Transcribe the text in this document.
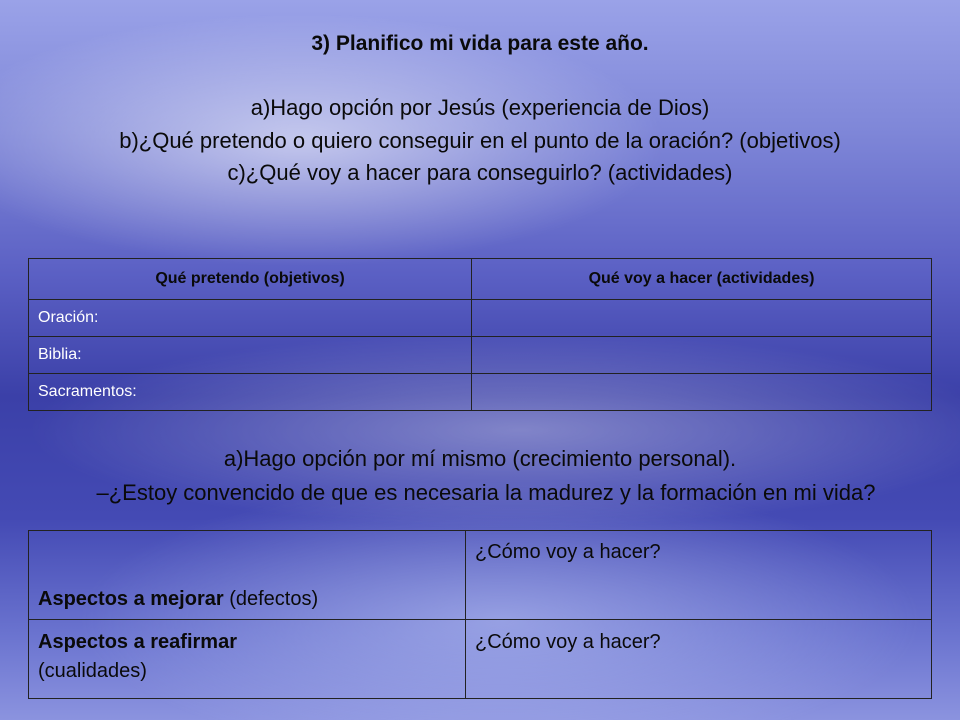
3) Planifico mi vida para este año.
a)Hago opción por Jesús (experiencia de Dios)
b)¿Qué pretendo o quiero conseguir en el punto de la oración? (objetivos)
c)¿Qué voy a hacer para conseguirlo? (actividades)
Qué pretendo (objetivos)	Qué voy a hacer (actividades)
Oración:	
Biblia:	
Sacramentos:	
a)Hago opción por mí mismo (crecimiento personal).
–¿Estoy convencido de que es necesaria la madurez y la formación en mi vida?
Aspectos a mejorar (defectos)	¿Cómo voy a hacer?
Aspectos a reafirmar
(cualidades)	¿Cómo voy a hacer?
